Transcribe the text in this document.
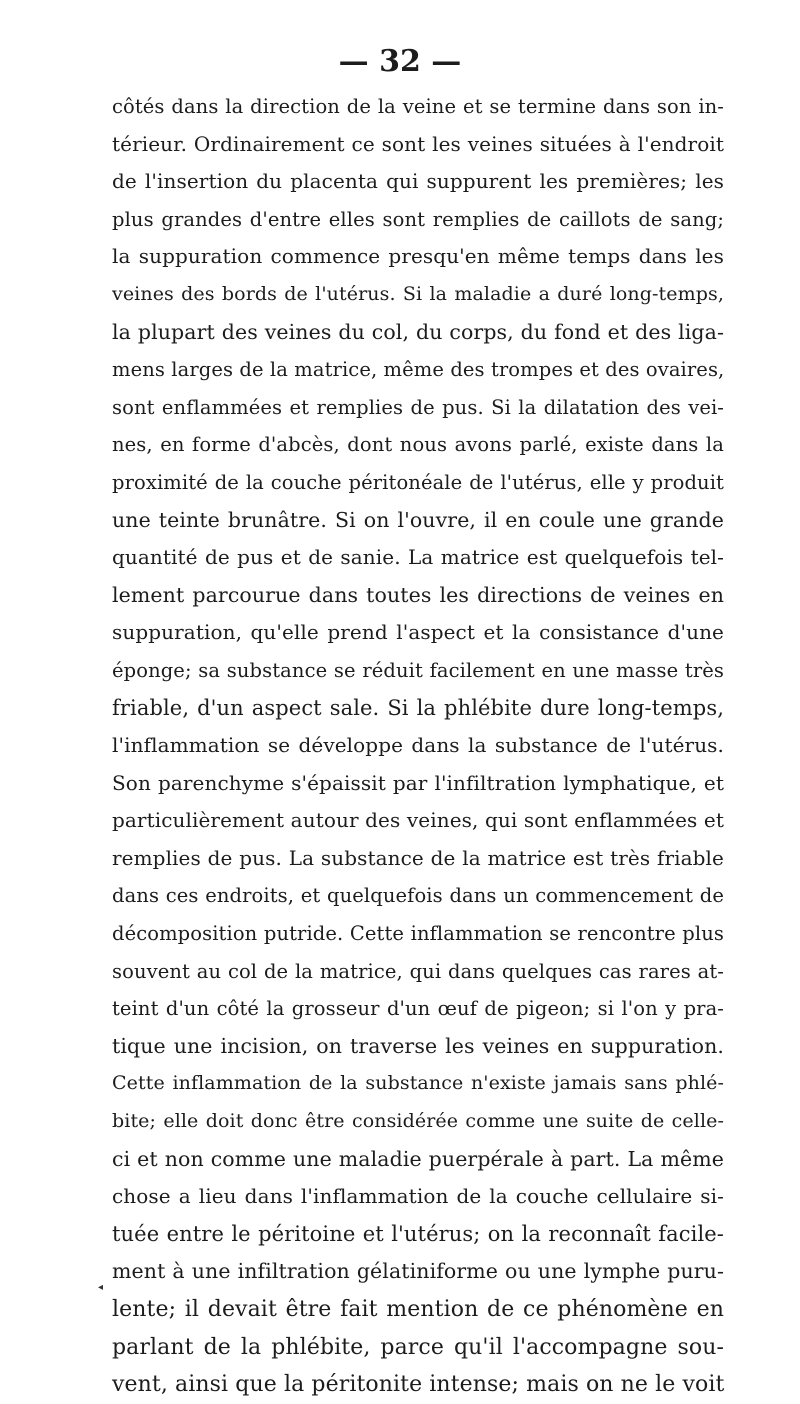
— 32 —
côtés dans la direction de la veine et se termine dans son in-
térieur. Ordinairement ce sont les veines situées à l'endroit
de l'insertion du placenta qui suppurent les premières; les
plus grandes d'entre elles sont remplies de caillots de sang;
la suppuration commence presqu'en même temps dans les
veines des bords de l'utérus. Si la maladie a duré long-temps,
la plupart des veines du col, du corps, du fond et des liga-
mens larges de la matrice, même des trompes et des ovaires,
sont enflammées et remplies de pus. Si la dilatation des vei-
nes, en forme d'abcès, dont nous avons parlé, existe dans la
proximité de la couche péritonéale de l'utérus, elle y produit
une teinte brunâtre. Si on l'ouvre, il en coule une grande
quantité de pus et de sanie. La matrice est quelquefois tel-
lement parcourue dans toutes les directions de veines en
suppuration, qu'elle prend l'aspect et la consistance d'une
éponge; sa substance se réduit facilement en une masse très
friable, d'un aspect sale. Si la phlébite dure long-temps,
l'inflammation se développe dans la substance de l'utérus.
Son parenchyme s'épaissit par l'infiltration lymphatique, et
particulièrement autour des veines, qui sont enflammées et
remplies de pus. La substance de la matrice est très friable
dans ces endroits, et quelquefois dans un commencement de
décomposition putride. Cette inflammation se rencontre plus
souvent au col de la matrice, qui dans quelques cas rares at-
teint d'un côté la grosseur d'un œuf de pigeon; si l'on y pra-
tique une incision, on traverse les veines en suppuration.
Cette inflammation de la substance n'existe jamais sans phlé-
bite; elle doit donc être considérée comme une suite de celle-
ci et non comme une maladie puerpérale à part. La même
chose a lieu dans l'inflammation de la couche cellulaire si-
tuée entre le péritoine et l'utérus; on la reconnaît facile-
ment à une infiltration gélatiniforme ou une lymphe puru-
lente; il devait être fait mention de ce phénomène en
parlant de la phlébite, parce qu'il l'accompagne sou-
vent, ainsi que la péritonite intense; mais on ne le voit
◂
